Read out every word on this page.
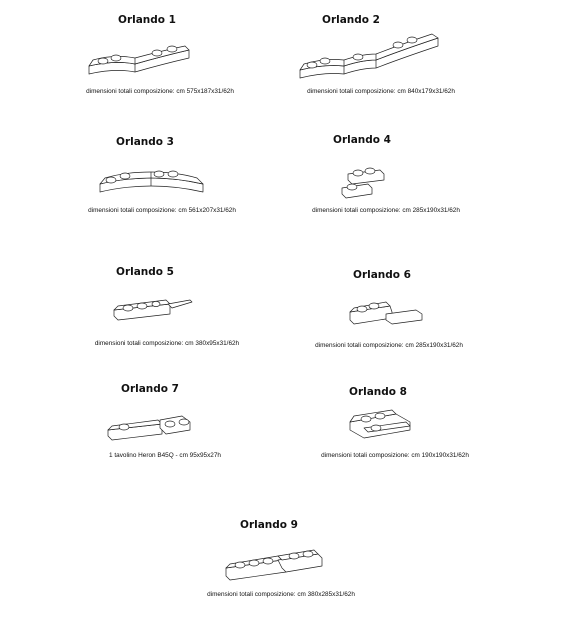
Orlando 1
dimensioni totali composizione: cm 575x187x31/62h
Orlando 2
dimensioni totali composizione: cm 840x179x31/62h
Orlando 3
dimensioni totali composizione: cm 561x207x31/62h
Orlando 4
dimensioni totali composizione: cm 285x190x31/62h
Orlando 5
dimensioni totali composizione: cm 380x95x31/62h
Orlando 6
dimensioni totali composizione: cm 285x190x31/62h
Orlando 7
1 tavolino Heron B45Q - cm 95x95x27h
Orlando 8
dimensioni totali composizione: cm 190x190x31/62h
Orlando 9
dimensioni totali composizione: cm 380x285x31/62h
